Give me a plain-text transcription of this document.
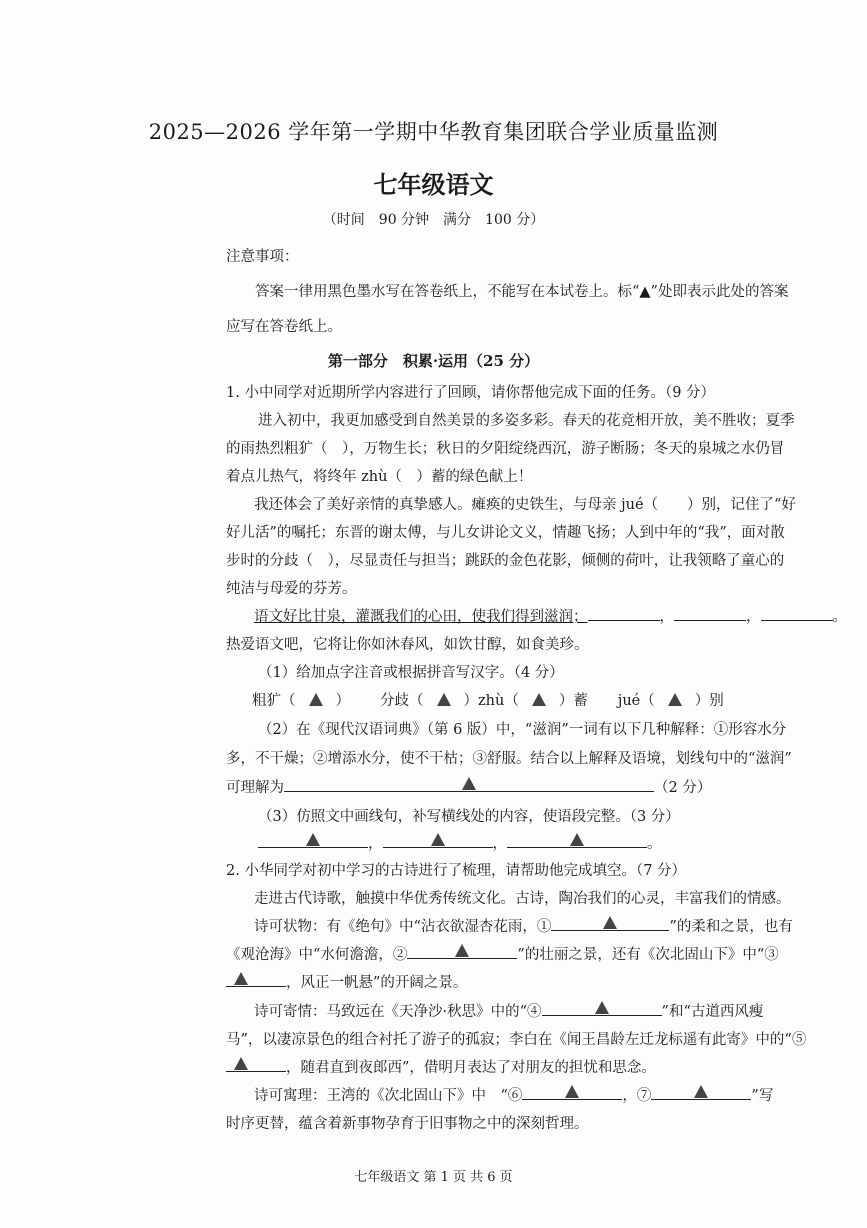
2025—2026 学年第一学期中华教育集团联合学业质量监测
七年级语文
（时间　90 分钟　满分　100 分）
注意事项：
答案一律用黑色墨水写在答卷纸上，不能写在本试卷上。标“▲”处即表示此处的答案
应写在答卷纸上。
第一部分　积累·运用（25 分）
1. 小中同学对近期所学内容进行了回顾，请你帮他完成下面的任务。（9 分）
进入初中，我更加感受到自然美景的多姿多彩。春天的花竞相开放，美不胜收；夏季
的雨热烈粗犷（　），万物生长；秋日的夕阳绽绕西沉，游子断肠；冬天的泉城之水仍冒
着点儿热气，将终年 zhù（　）蓄的绿色献上！
我还体会了美好亲情的真挚感人。瘫痪的史铁生，与母亲 jué（　　）别，记住了“好
好儿活”的嘱托；东晋的谢太傅，与儿女讲论文义，情趣飞扬；人到中年的“我”，面对散
步时的分歧（　），尽显责任与担当；跳跃的金色花影，倾侧的荷叶，让我领略了童心的
纯洁与母爱的芬芳。
语文好比甘泉，灌溉我们的心田，使我们得到滋润；	，	，	。
热爱语文吧，它将让你如沐春风，如饮甘醇，如食美珍。
（1）给加点字注音或根据拼音写汉字。（4 分）
粗犷（	） 分歧（	）zhù（	）蓄 jué（	）别
（2）在《现代汉语词典》（第 6 版）中，“滋润”一词有以下几种解释：①形容水分
多，不干燥；②增添水分，使不干枯；③舒服。结合以上解释及语境，划线句中的“滋润”
可理解为	（2 分）
（3）仿照文中画线句，补写横线处的内容，使语段完整。（3 分）
，	，	。
2. 小华同学对初中学习的古诗进行了梳理，请帮助他完成填空。（7 分）
走进古代诗歌，触摸中华优秀传统文化。古诗，陶冶我们的心灵，丰富我们的情感。
诗可状物：有《绝句》中“沾衣欲湿杏花雨，①	”的柔和之景，也有
《观沧海》中“水何澹澹，②	”的壮丽之景，还有《次北固山下》中“③
，风正一帆悬”的开阔之景。
诗可寄情：马致远在《天净沙·秋思》中的“④	”和“古道西风瘦
马”，以凄凉景色的组合衬托了游子的孤寂；李白在《闻王昌龄左迁龙标遥有此寄》中的“⑤
，随君直到夜郎西”，借明月表达了对朋友的担忧和思念。
诗可寓理：王湾的《次北固山下》中　“⑥	，⑦	”写
时序更替，蕴含着新事物孕育于旧事物之中的深刻哲理。
七年级语文 第 1 页 共 6 页
